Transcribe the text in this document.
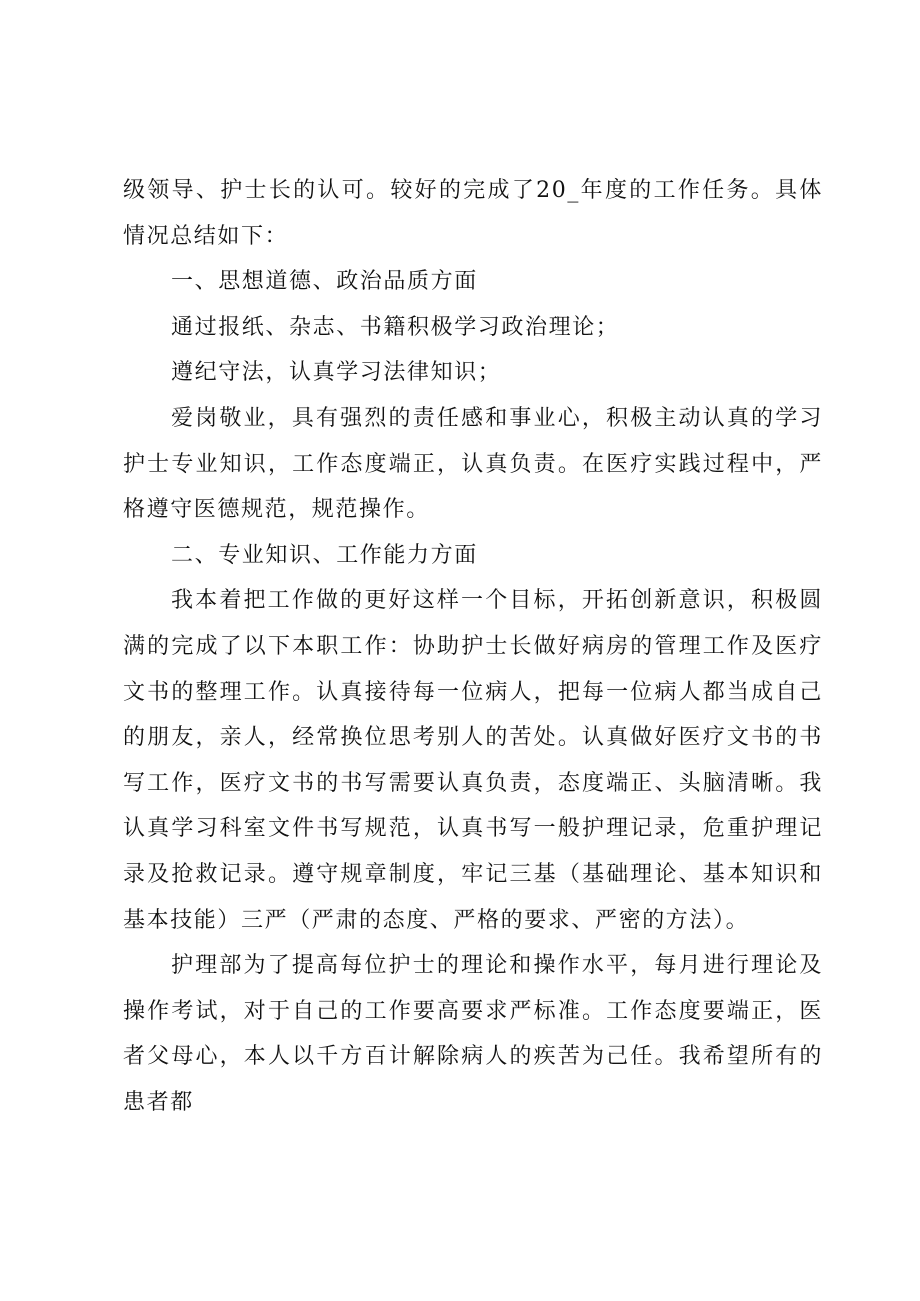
级领导、护士长的认可。较好的完成了20_年度的工作任务。具体情况总结如下：

一、思想道德、政治品质方面

通过报纸、杂志、书籍积极学习政治理论；

遵纪守法，认真学习法律知识；

爱岗敬业，具有强烈的责任感和事业心，积极主动认真的学习护士专业知识，工作态度端正，认真负责。在医疗实践过程中，严格遵守医德规范，规范操作。

二、专业知识、工作能力方面

我本着把工作做的更好这样一个目标，开拓创新意识，积极圆满的完成了以下本职工作：协助护士长做好病房的管理工作及医疗文书的整理工作。认真接待每一位病人，把每一位病人都当成自己的朋友，亲人，经常换位思考别人的苦处。认真做好医疗文书的书写工作，医疗文书的书写需要认真负责，态度端正、头脑清晰。我认真学习科室文件书写规范，认真书写一般护理记录，危重护理记录及抢救记录。遵守规章制度，牢记三基（基础理论、基本知识和基本技能）三严（严肃的态度、严格的要求、严密的方法）。

护理部为了提高每位护士的理论和操作水平，每月进行理论及操作考试，对于自己的工作要高要求严标准。工作态度要端正，医者父母心，本人以千方百计解除病人的疾苦为己任。我希望所有的患者都
